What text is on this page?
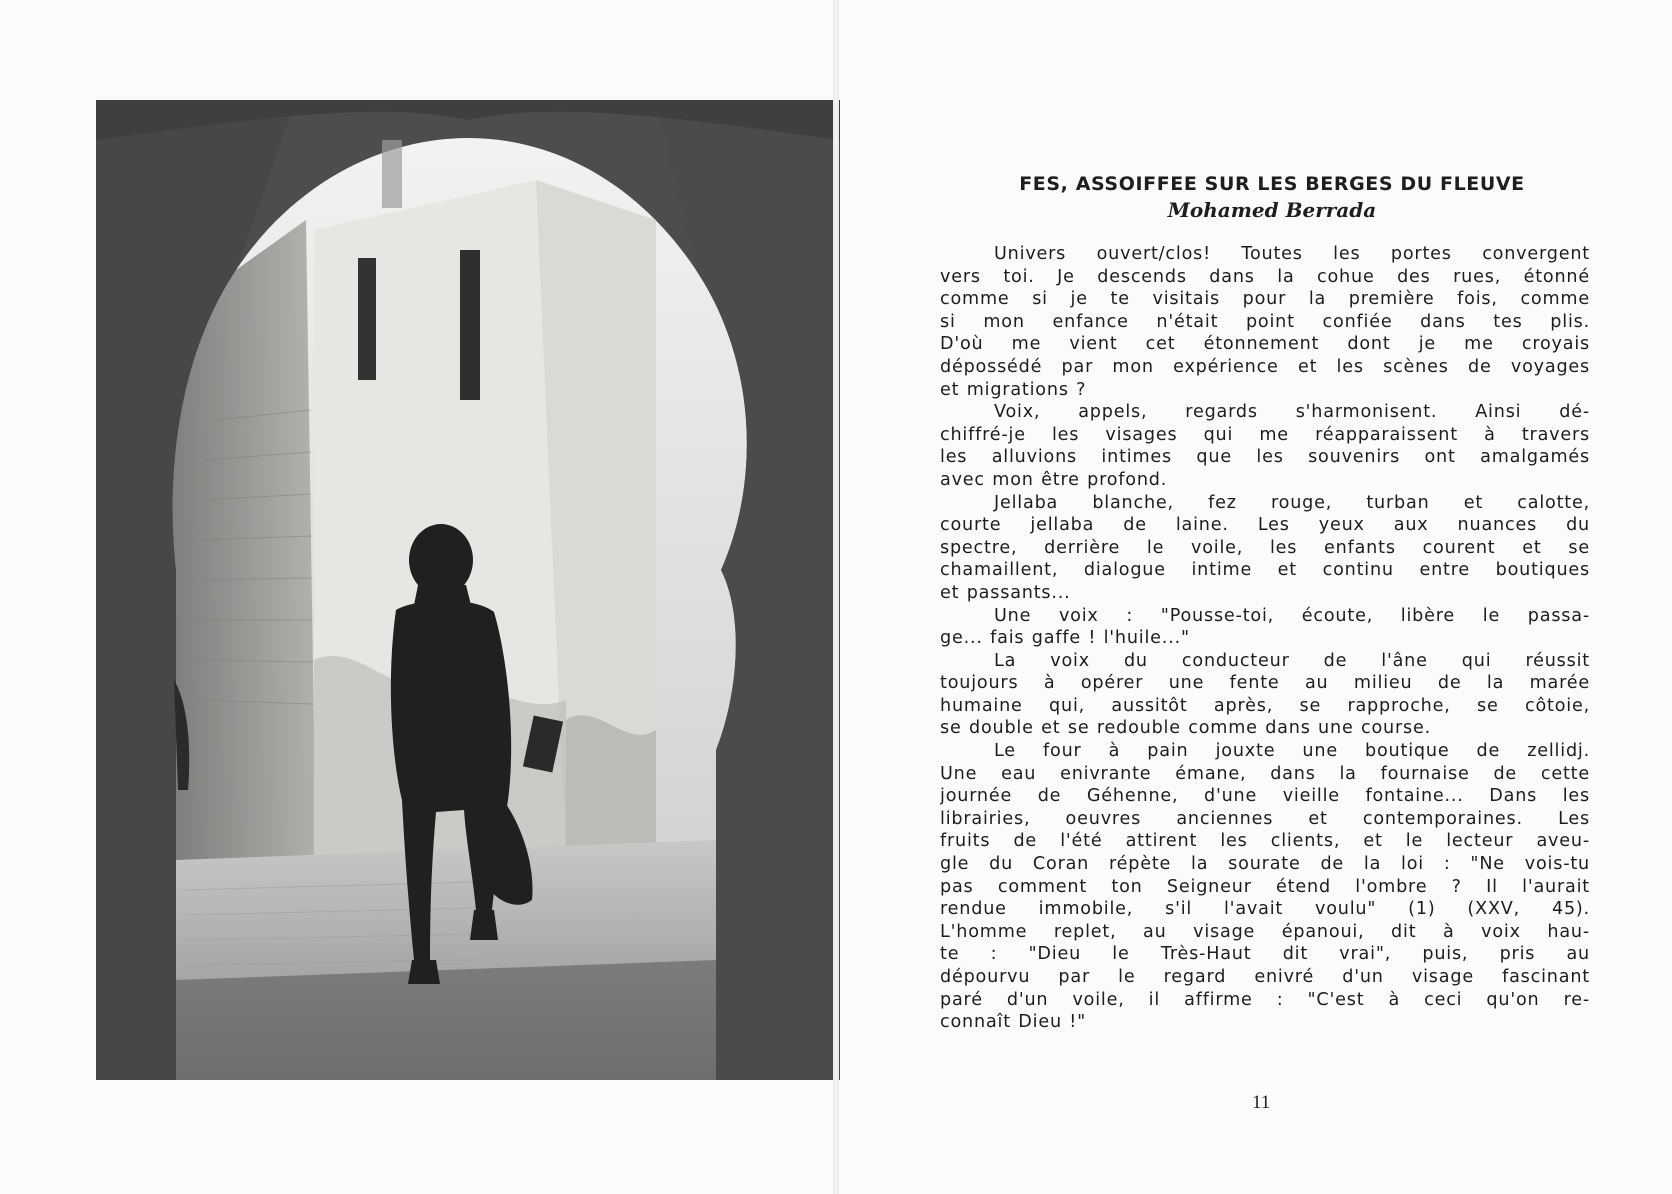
FES, ASSOIFFEE SUR LES BERGES DU FLEUVE
Mohamed Berrada
Univers ouvert/clos! Toutes les portes convergent
vers toi. Je descends dans la cohue des rues, étonné
comme si je te visitais pour la première fois, comme
si mon enfance n'était point confiée dans tes plis.
D'où me vient cet étonnement dont je me croyais
dépossédé par mon expérience et les scènes de voyages
et migrations ?
Voix, appels, regards s'harmonisent. Ainsi dé-
chiffré-je les visages qui me réapparaissent à travers
les alluvions intimes que les souvenirs ont amalgamés
avec mon être profond.
Jellaba blanche, fez rouge, turban et calotte,
courte jellaba de laine. Les yeux aux nuances du
spectre, derrière le voile, les enfants courent et se
chamaillent, dialogue intime et continu entre boutiques
et passants...
Une voix : "Pousse-toi, écoute, libère le passa-
ge... fais gaffe ! l'huile..."
La voix du conducteur de l'âne qui réussit
toujours à opérer une fente au milieu de la marée
humaine qui, aussitôt après, se rapproche, se côtoie,
se double et se redouble comme dans une course.
Le four à pain jouxte une boutique de zellidj.
Une eau enivrante émane, dans la fournaise de cette
journée de Géhenne, d'une vieille fontaine... Dans les
librairies, oeuvres anciennes et contemporaines. Les
fruits de l'été attirent les clients, et le lecteur aveu-
gle du Coran répète la sourate de la loi : "Ne vois-tu
pas comment ton Seigneur étend l'ombre ? Il l'aurait
rendue immobile, s'il l'avait voulu" (1) (XXV, 45).
L'homme replet, au visage épanoui, dit à voix hau-
te : "Dieu le Très-Haut dit vrai", puis, pris au
dépourvu par le regard enivré d'un visage fascinant
paré d'un voile, il affirme : "C'est à ceci qu'on re-
connaît Dieu !"
11
